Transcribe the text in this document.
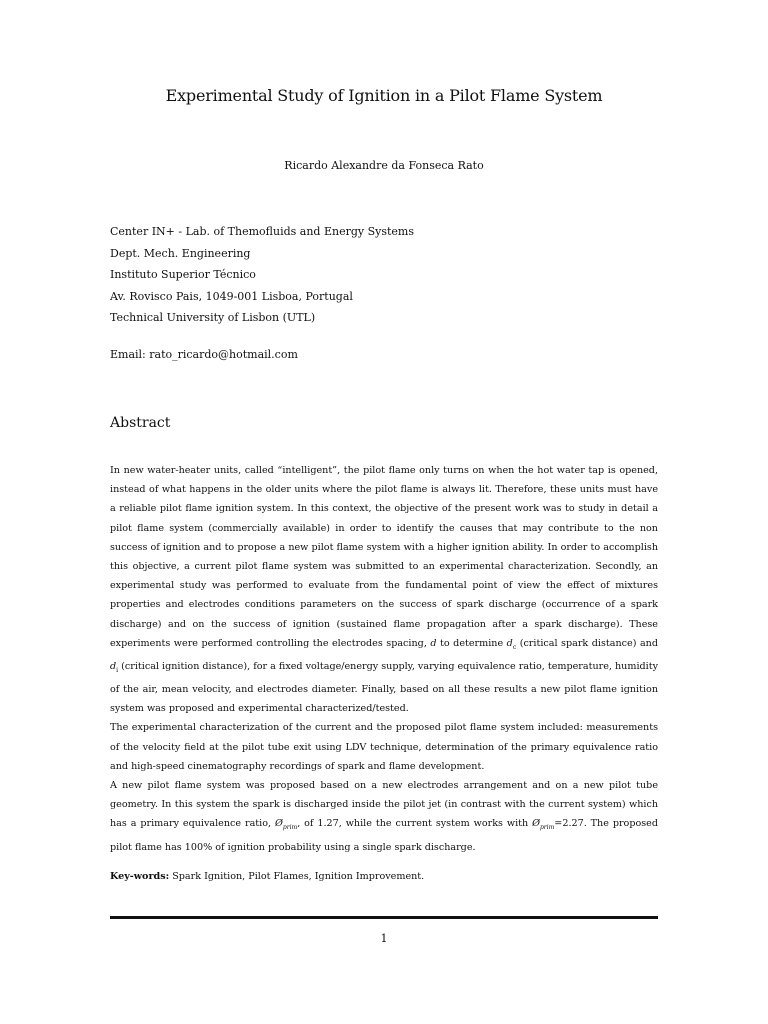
Experimental Study of Ignition in a Pilot Flame System
Ricardo Alexandre da Fonseca Rato
Center IN+ - Lab. of Themofluids and Energy Systems
Dept. Mech. Engineering
Instituto Superior Técnico
Av. Rovisco Pais, 1049-001 Lisboa, Portugal
Technical University of Lisbon (UTL)
Email: rato_ricardo@hotmail.com
Abstract

In new water-heater units, called “intelligent”, the pilot flame only turns on when the hot water tap is opened, instead of what happens in the older units where the pilot flame is always lit. Therefore, these units must have a reliable pilot flame ignition system. In this context, the objective of the present work was to study in detail a pilot flame system (commercially available) in order to identify the causes that may contribute to the non success of ignition and to propose a new pilot flame system with a higher ignition ability. In order to accomplish this objective, a current pilot flame system was submitted to an experimental characterization. Secondly, an experimental study was performed to evaluate from the fundamental point of view the effect of mixtures properties and electrodes conditions parameters on the success of spark discharge (occurrence of a spark discharge) and on the success of ignition (sustained flame propagation after a spark discharge). These experiments were performed controlling the electrodes spacing, d to determine $d_c$ (critical spark distance) and $d_i$ (critical ignition distance), for a fixed voltage/energy supply, varying equivalence ratio, temperature, humidity of the air, mean velocity, and electrodes diameter. Finally, based on all these results a new pilot flame ignition system was proposed and experimental characterized/tested.

The experimental characterization of the current and the proposed pilot flame system included: measurements of the velocity field at the pilot tube exit using LDV technique, determination of the primary equivalence ratio and high-speed cinematography recordings of spark and flame development.

A new pilot flame system was proposed based on a new electrodes arrangement and on a new pilot tube geometry. In this system the spark is discharged inside the pilot jet (in contrast with the current system) which has a primary equivalence ratio, $Ø_{prim}$, of 1.27, while the current system works with $Ø_{prim}=2.27$. The proposed pilot flame has 100% of ignition probability using a single spark discharge.

Key-words: Spark Ignition, Pilot Flames, Ignition Improvement.
1
